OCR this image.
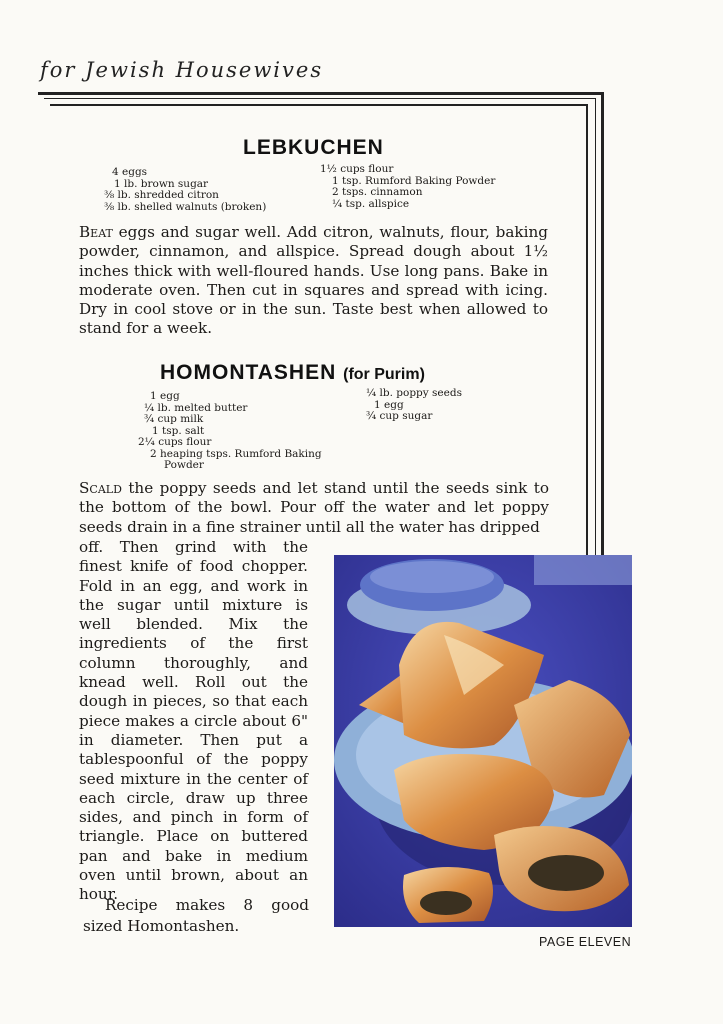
for Jewish Housewives
LEBKUCHEN
4 eggs
1 lb. brown sugar
⅜ lb. shredded citron
⅜ lb. shelled walnuts (broken)
1½ cups flour
1 tsp. Rumford Baking Powder
2 tsps. cinnamon
¼ tsp. allspice
Beat eggs and sugar well. Add citron, walnuts, flour, baking powder, cinnamon, and allspice. Spread dough about 1½ inches thick with well-floured hands. Use long pans. Bake in moderate oven. Then cut in squares and spread with icing. Dry in cool stove or in the sun. Taste best when allowed to stand for a week.
HOMONTASHEN (for Purim)
1 egg
¼ lb. melted butter
¾ cup milk
1 tsp. salt
2¼ cups flour
2 heaping tsps. Rumford Baking
Powder
¼ lb. poppy seeds
1 egg
¾ cup sugar
Scald the poppy seeds and let stand until the seeds sink to the bottom of the bowl. Pour off the water and let poppy seeds drain in a fine strainer until all the water has dripped
off. Then grind with the finest knife of food chopper. Fold in an egg, and work in the sugar until mixture is well blended. Mix the ingredients of the first column thoroughly, and knead well. Roll out the dough in pieces, so that each piece makes a circle about 6" in diameter. Then put a tablespoonful of the poppy seed mixture in the center of each circle, draw up three sides, and pinch in form of triangle. Place on buttered pan and bake in medium oven until brown, about an hour.
Recipe makes 8 good sized Homontashen.
PAGE ELEVEN
